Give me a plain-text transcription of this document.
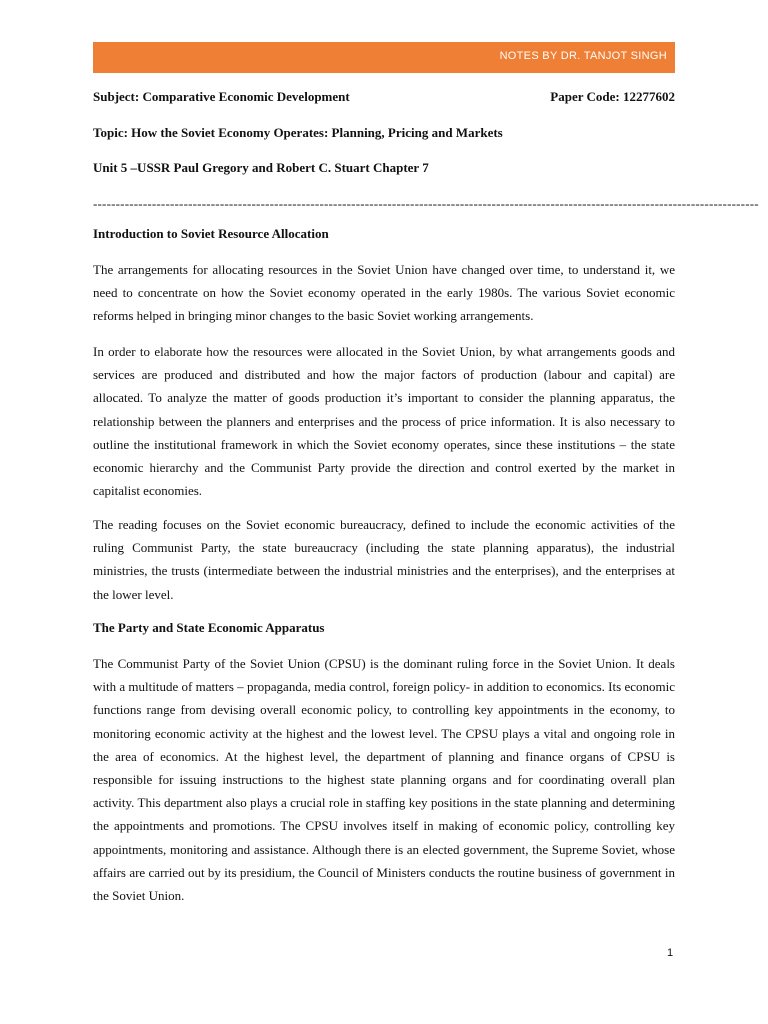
NOTES BY DR. TANJOT SINGH
Subject: Comparative Economic Development	Paper Code: 12277602
Topic: How the Soviet Economy Operates: Planning, Pricing and Markets
Unit 5 –USSR Paul Gregory and Robert C. Stuart Chapter 7
---------------------------------------------------------------------------------------------------------------------------------------------------
Introduction to Soviet Resource Allocation

The arrangements for allocating resources in the Soviet Union have changed over time, to understand it, we need to concentrate on how the Soviet economy operated in the early 1980s. The various Soviet economic reforms helped in bringing minor changes to the basic Soviet working arrangements.

In order to elaborate how the resources were allocated in the Soviet Union, by what arrangements goods and services are produced and distributed and how the major factors of production (labour and capital) are allocated. To analyze the matter of goods production it’s important to consider the planning apparatus, the relationship between the planners and enterprises and the process of price information. It is also necessary to outline the institutional framework in which the Soviet economy operates, since these institutions – the state economic hierarchy and the Communist Party provide the direction and control exerted by the market in capitalist economies.

The reading focuses on the Soviet economic bureaucracy, defined to include the economic activities of the ruling Communist Party, the state bureaucracy (including the state planning apparatus), the industrial ministries, the trusts (intermediate between the industrial ministries and the enterprises), and the enterprises at the lower level.

The Party and State Economic Apparatus

The Communist Party of the Soviet Union (CPSU) is the dominant ruling force in the Soviet Union. It deals with a multitude of matters – propaganda, media control, foreign policy- in addition to economics. Its economic functions range from devising overall economic policy, to controlling key appointments in the economy, to monitoring economic activity at the highest and the lowest level. The CPSU plays a vital and ongoing role in the area of economics. At the highest level, the department of planning and finance organs of CPSU is responsible for issuing instructions to the highest state planning organs and for coordinating overall plan activity. This department also plays a crucial role in staffing key positions in the state planning and determining the appointments and promotions. The CPSU involves itself in making of economic policy, controlling key appointments, monitoring and assistance. Although there is an elected government, the Supreme Soviet, whose affairs are carried out by its presidium, the Council of Ministers conducts the routine business of government in the Soviet Union.

1
